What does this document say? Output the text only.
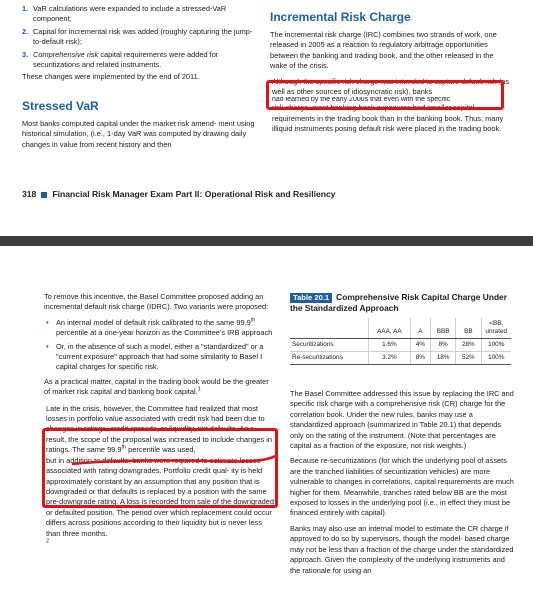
1. VaR calculations were expanded to include a stressed-VaR component;
2. Capital for incremental risk was added (roughly capturing the jump-to-default risk);
3. Comprehensive risk capital requirements were added for securitizations and related instruments.

These changes were implemented by the end of 2011.

Stressed VaR

Most banks computed capital under the market risk amend- ment using historical simulation, (i.e., 1-day VaR was computed by drawing daily changes in value from recent history and then

Incremental Risk Charge

The incremental risk charge (IRC) combines two strands of work, one released in 2005 as a reaction to regulatory arbitrage opportunities between the banking and trading book, and the other released in the wake of the crisis.

Although the specific risk charge was intended to capture default risk (as well as other sources of idiosyncratic risk), banks
had learned by the early 2000s that even with the specific
risk charge, most banking-book exposures had smaller capital requirements in the trading book than in the banking book. Thus, many illiquid instruments posing default risk were placed in the trading book.

318 Financial Risk Manager Exam Part II: Operational Risk and Resiliency

To remove this incentive, the Basel Committee proposed adding an incremental default risk charge (IDRC). Two variants were proposed:

• An internal model of default risk calibrated to the same 99.9th percentile at a one-year horizon as the Committee's IRB approach
• Or, in the absence of such a model, either a "standardized" or a "current exposure" approach that had some similarity to Basel I capital charges for specific risk.

As a practical matter, capital in the trading book would be the greater of market risk capital and banking book capital.$^1$

Late in the crisis, however, the Committee had realized that most losses in portfolio value associated with credit risk had been due to changes in ratings, credit spreads, or liquidity, not defaults. As a result, the scope of the proposal was increased to include changes in ratings. The same 99.9th percentile was used,
but in addition to defaults, banks were required to estimate losses associated with rating downgrades. Portfolio credit qual- ity is held approximately constant by an assumption that any position that is downgraded or that defaults is replaced by a position with the same pre-downgrade rating. A loss is recorded from sale of the downgraded or defaulted position. The period over which replacement could occur differs across positions according to their liquidity but is never less than three months.
$^2$

Table 20.1 Comprehensive Risk Capital Charge Under the Standardized Approach
	AAA, AA	A	BBB	BB	<BB, unrated
Securitizations	1.6%	4%	8%	28%	100%
Re-securitizations	3.2%	8%	18%	52%	100%

The Basel Committee addressed this issue by replacing the IRC and specific risk charge with a comprehensive risk (CR) charge for the correlation book. Under the new rules, banks may use a standardized approach (summarized in Table 20.1) that depends only on the rating of the instrument. (Note that percentages are capital as a fraction of the exposure, not risk weights.)

Because re-securitizations (for which the underlying pool of assets are the tranched liabilities of securitization vehicles) are more vulnerable to changes in correlations, capital requirements are much higher for them. Meanwhile, tranches rated below BB are the most exposed to losses in the underlying pool (i.e., in effect they must be financed entirely with capital).

Banks may also use an internal model to estimate the CR charge if approved to do so by supervisors, though the model- based charge may not be less than a fraction of the charge under the standardized approach. Given the complexity of the underlying instruments and the rationale for using an
